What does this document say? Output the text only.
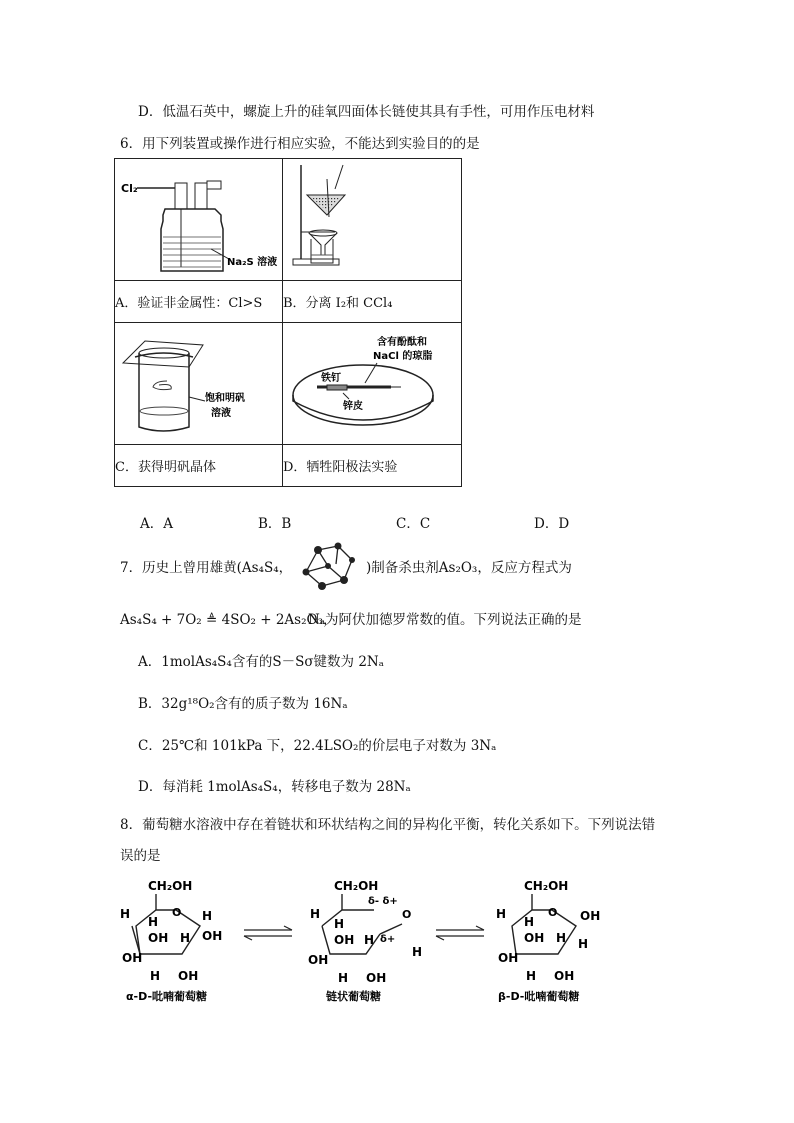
D．低温石英中，螺旋上升的硅氧四面体长链使其具有手性，可用作压电材料
6．用下列装置或操作进行相应实验，不能达到实验目的的是
Cl₂
Na₂S 溶液

A．验证非金属性：Cl>S	B．分离 I₂和 CCl₄

饱和明矾
溶液	含有酚酞和
NaCl 的琼脂
铁钉
锌皮

C．获得明矾晶体	D．牺牲阳极法实验
A．A	B．B	C．C	D．D
7．历史上曾用雄黄(As₄S₄，	)制备杀虫剂As₂O₃，反应方程式为
As₄S₄ + 7O₂ ≜ 4SO₂ + 2As₂O₃，
Nₐ为阿伏加德罗常数的值。下列说法正确的是
A．1molAs₄S₄含有的S－Sσ键数为 2Nₐ
B．32g¹⁸O₂含有的质子数为 16Nₐ
C．25℃和 101kPa 下，22.4LSO₂的价层电子对数为 3Nₐ
D．每消耗 1molAs₄S₄，转移电子数为 28Nₐ
8．葡萄糖水溶液中存在着链状和环状结构之间的异构化平衡，转化关系如下。下列说法错
误的是
CH₂OH
O
H
H	H
OH H OH
OH
H OH
α-D-吡喃葡萄糖
CH₂OH
δ- δ+
O
H
H
OH H
OH
H OH
δ+
H
链状葡萄糖
CH₂OH
O
H
H	OH
OH H H
OH
H OH
β-D-吡喃葡萄糖
